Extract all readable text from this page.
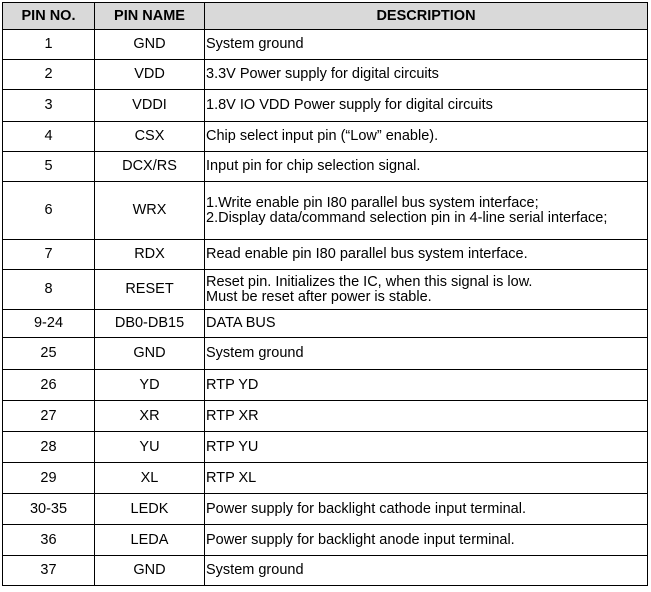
PIN NO.	PIN NAME	DESCRIPTION
1	GND	System ground

2	VDD	3.3V Power supply for digital circuits

3	VDDI	1.8V IO VDD Power supply for digital circuits

4	CSX	Chip select input pin (“Low” enable).

5	DCX/RS	Input pin for chip selection signal.

6	WRX	1.Write enable pin I80 parallel bus system interface;
2.Display data/command selection pin in 4-line serial interface;

7	RDX	Read enable pin I80 parallel bus system interface.

8	RESET	Reset pin. Initializes the IC, when this signal is low.
Must be reset after power is stable.

9-24	DB0-DB15	DATA BUS

25	GND	System ground

26	YD	RTP YD

27	XR	RTP XR

28	YU	RTP YU

29	XL	RTP XL

30-35	LEDK	Power supply for backlight cathode input terminal.

36	LEDA	Power supply for backlight anode input terminal.

37	GND	System ground
